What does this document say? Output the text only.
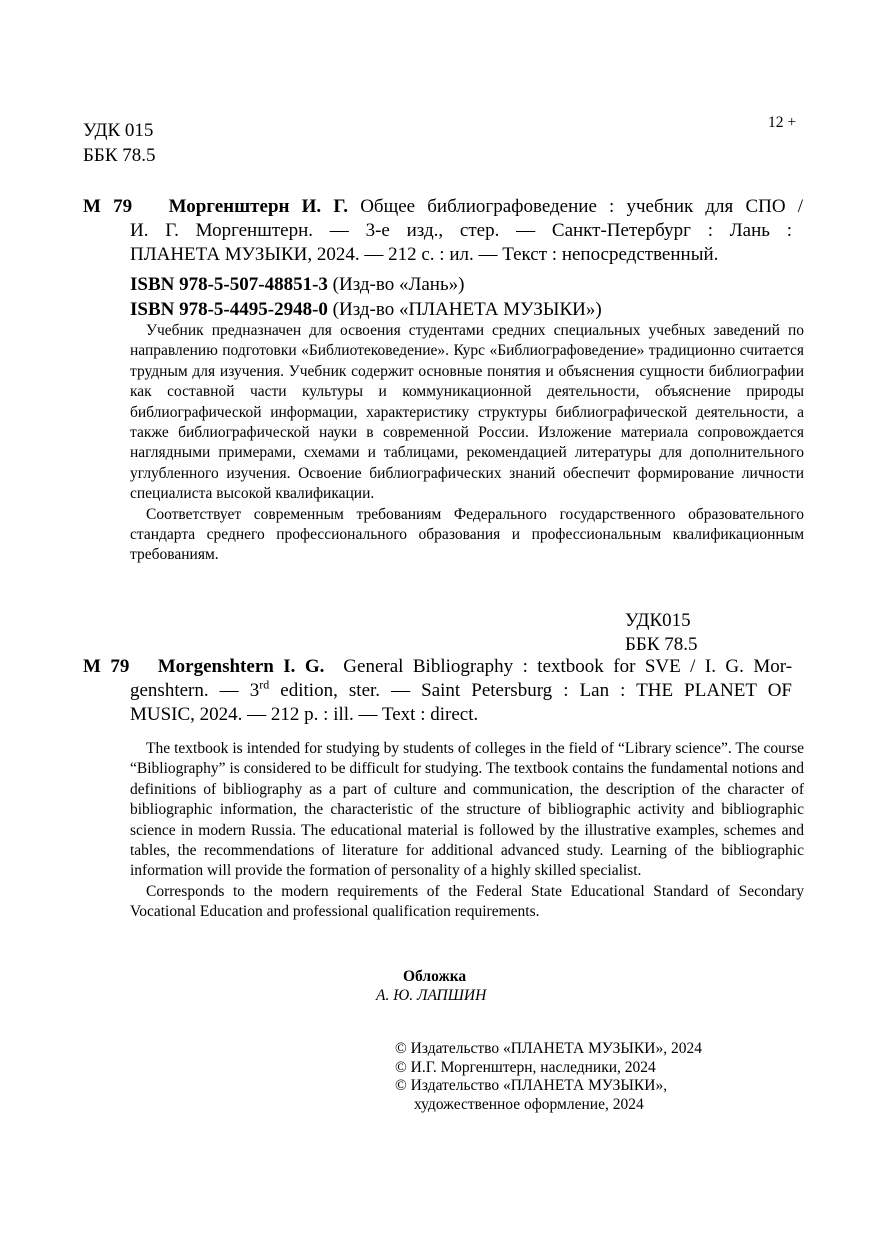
УДК 015
ББК 78.5
12 +
М 79 Моргенштерн И. Г. Общее библиографоведение : учебник для СПО /
И. Г. Моргенштерн. — 3-е изд., стер. — Санкт-Петербург : Лань :
ПЛАНЕТА МУЗЫКИ, 2024. — 212 с. : ил. — Текст : непосредственный.
ISBN 978-5-507-48851-3 (Изд-во «Лань»)
ISBN 978-5-4495-2948-0 (Изд-во «ПЛАНЕТА МУЗЫКИ»)

Учебник предназначен для освоения студентами средних специальных учебных заведений по направлению подготовки «Библиотековедение». Курс «Библиографоведение» традиционно считается трудным для изучения. Учебник содержит основные понятия и объяснения сущности библиографии как составной части культуры и коммуникационной деятельности, объяснение природы библиографической информации, характеристику структуры библиографической деятельности, а также библиографической науки в современной России. Изложение материала сопровождается наглядными примерами, схемами и таблицами, рекомендацией литературы для дополнительного углубленного изучения. Освоение библиографических знаний обеспечит формирование личности специалиста высокой квалификации.

Соответствует современным требованиям Федерального государственного образовательного стандарта среднего профессионального образования и профессиональным квалификационным требованиям.

УДК015
ББК 78.5
М 79 Morgenshtern I. G. General Bibliography : textbook for SVE / I. G. Mor-
genshtern. — 3rd edition, ster. — Saint Petersburg : Lan : THE PLANET OF
MUSIC, 2024. — 212 p. : ill. — Text : direct.

The textbook is intended for studying by students of colleges in the field of “Library science”. The course “Bibliography” is considered to be difficult for studying. The textbook contains the fundamental notions and definitions of bibliography as a part of culture and communication, the description of the character of bibliographic information, the characteristic of the structure of bibliographic activity and bibliographic science in modern Russia. The educational material is followed by the illustrative examples, schemes and tables, the recommendations of literature for additional advanced study. Learning of the bibliographic information will provide the formation of personality of a highly skilled specialist.

Corresponds to the modern requirements of the Federal State Educational Standard of Secondary Vocational Education and professional qualification requirements.

Обложка
А. Ю. ЛАПШИН
© Издательство «ПЛАНЕТА МУЗЫКИ», 2024
© И.Г. Моргенштерн, наследники, 2024
© Издательство «ПЛАНЕТА МУЗЫКИ»,
художественное оформление, 2024
